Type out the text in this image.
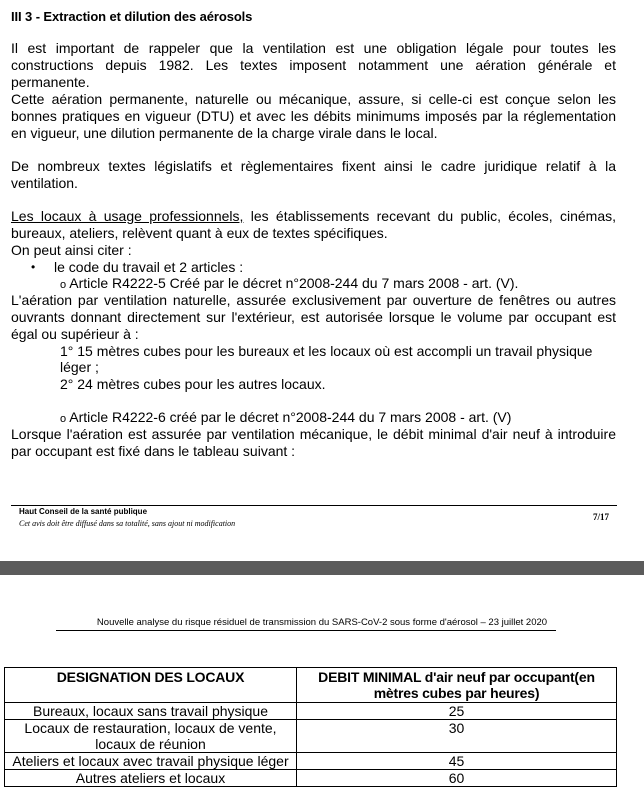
III 3 - Extraction et dilution des aérosols
Il est important de rappeler que la ventilation est une obligation légale pour toutes les constructions depuis 1982. Les textes imposent notamment une aération générale et permanente.
Cette aération permanente, naturelle ou mécanique, assure, si celle-ci est conçue selon les bonnes pratiques en vigueur (DTU) et avec les débits minimums imposés par la réglementation en vigueur, une dilution permanente de la charge virale dans le local.
De nombreux textes législatifs et règlementaires fixent ainsi le cadre juridique relatif à la ventilation.
Les locaux à usage professionnels, les établissements recevant du public, écoles, cinémas, bureaux, ateliers, relèvent quant à eux de textes spécifiques.
On peut ainsi citer :
• le code du travail et 2 articles :
o Article R4222-5 Créé par le décret n°2008-244 du 7 mars 2008 - art. (V).
L'aération par ventilation naturelle, assurée exclusivement par ouverture de fenêtres ou autres ouvrants donnant directement sur l'extérieur, est autorisée lorsque le volume par occupant est égal ou supérieur à :
1° 15 mètres cubes pour les bureaux et les locaux où est accompli un travail physique
léger ;
2° 24 mètres cubes pour les autres locaux.
o Article R4222-6 créé par le décret n°2008-244 du 7 mars 2008 - art. (V)
Lorsque l'aération est assurée par ventilation mécanique, le débit minimal d'air neuf à introduire par occupant est fixé dans le tableau suivant :
Haut Conseil de la santé publique
Cet avis doit être diffusé dans sa totalité, sans ajout ni modification
7/17
Nouvelle analyse du risque résiduel de transmission du SARS-CoV-2 sous forme d'aérosol – 23 juillet 2020
DESIGNATION DES LOCAUX	DEBIT MINIMAL d'air neuf par occupant(en mètres cubes par heures)
Bureaux, locaux sans travail physique	25
Locaux de restauration, locaux de vente, locaux de réunion	30
Ateliers et locaux avec travail physique léger	45
Autres ateliers et locaux	60
